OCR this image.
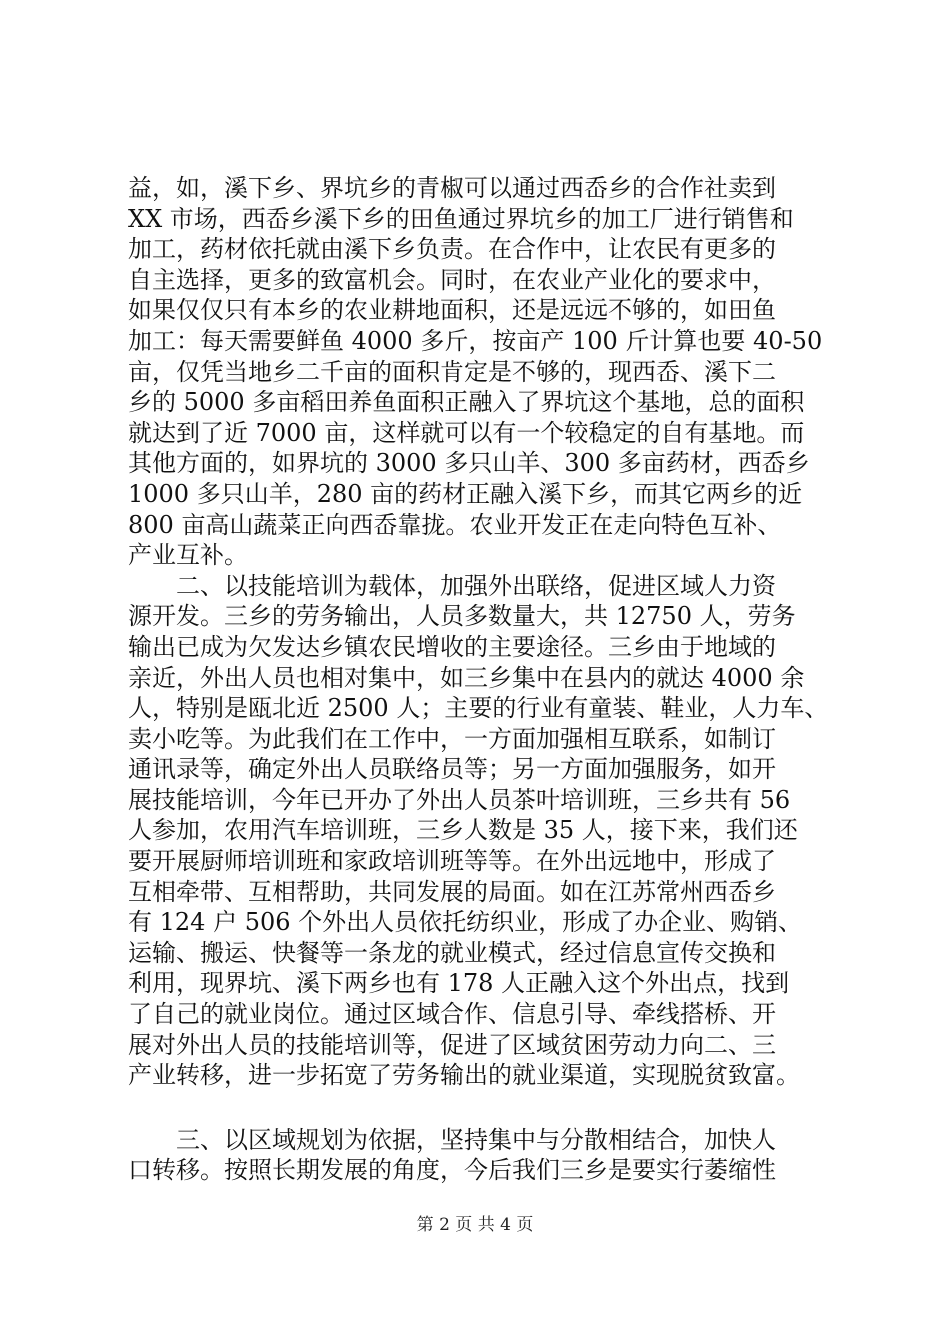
益，如，溪下乡、界坑乡的青椒可以通过西岙乡的合作社卖到
XX 市场，西岙乡溪下乡的田鱼通过界坑乡的加工厂进行销售和
加工，药材依托就由溪下乡负责。在合作中，让农民有更多的
自主选择，更多的致富机会。同时，在农业产业化的要求中，
如果仅仅只有本乡的农业耕地面积，还是远远不够的，如田鱼
加工：每天需要鲜鱼 4000 多斤，按亩产 100 斤计算也要 40-50
亩，仅凭当地乡二千亩的面积肯定是不够的，现西岙、溪下二
乡的 5000 多亩稻田养鱼面积正融入了界坑这个基地，总的面积
就达到了近 7000 亩，这样就可以有一个较稳定的自有基地。而
其他方面的，如界坑的 3000 多只山羊、300 多亩药材，西岙乡
1000 多只山羊，280 亩的药材正融入溪下乡，而其它两乡的近
800 亩高山蔬菜正向西岙靠拢。农业开发正在走向特色互补、
产业互补。
二、以技能培训为载体，加强外出联络，促进区域人力资
源开发。三乡的劳务输出，人员多数量大，共 12750 人，劳务
输出已成为欠发达乡镇农民增收的主要途径。三乡由于地域的
亲近，外出人员也相对集中，如三乡集中在县内的就达 4000 余
人，特别是瓯北近 2500 人；主要的行业有童装、鞋业，人力车、
卖小吃等。为此我们在工作中，一方面加强相互联系，如制订
通讯录等，确定外出人员联络员等；另一方面加强服务，如开
展技能培训，今年已开办了外出人员茶叶培训班，三乡共有 56
人参加，农用汽车培训班，三乡人数是 35 人，接下来，我们还
要开展厨师培训班和家政培训班等等。在外出远地中，形成了
互相牵带、互相帮助，共同发展的局面。如在江苏常州西岙乡
有 124 户 506 个外出人员依托纺织业，形成了办企业、购销、
运输、搬运、快餐等一条龙的就业模式，经过信息宣传交换和
利用，现界坑、溪下两乡也有 178 人正融入这个外出点，找到
了自己的就业岗位。通过区域合作、信息引导、牵线搭桥、开
展对外出人员的技能培训等，促进了区域贫困劳动力向二、三
产业转移，进一步拓宽了劳务输出的就业渠道，实现脱贫致富。
三、以区域规划为依据，坚持集中与分散相结合，加快人
口转移。按照长期发展的角度，今后我们三乡是要实行萎缩性
第 2 页 共 4 页
